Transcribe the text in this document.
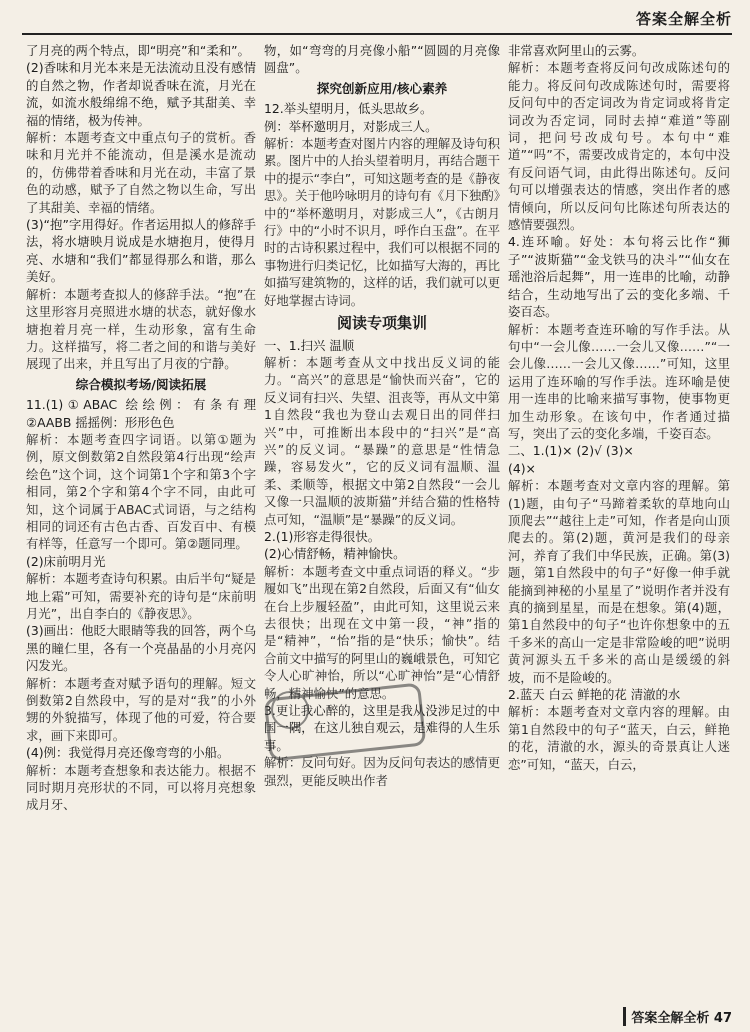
答案全解全析

了月亮的两个特点，即“明亮”和“柔和”。

(2)香味和月光本来是无法流动且没有感情的自然之物，作者却说香味在流，月光在流，如流水般绵绵不绝，赋予其甜美、幸福的情绪，极为传神。

解析：本题考查文中重点句子的赏析。香味和月光并不能流动，但是溪水是流动的，仿佛带着香味和月光在动，丰富了景色的动感，赋予了自然之物以生命，写出了其甜美、幸福的情绪。

(3)“抱”字用得好。作者运用拟人的修辞手法，将水塘映月说成是水塘抱月，使得月亮、水塘和“我们”都显得那么和谐，那么美好。

解析：本题考查拟人的修辞手法。“抱”在这里形容月亮照进水塘的状态，就好像水塘抱着月亮一样，生动形象，富有生命力。这样描写，将二者之间的和谐与美好展现了出来，并且写出了月夜的宁静。

综合模拟考场/阅读拓展

11.(1)①ABAC 绘绘例：有条有理 ②AABB 摇摇例：形形色色

解析：本题考查四字词语。以第①题为例，原文倒数第2自然段第4行出现“绘声绘色”这个词，这个词第1个字和第3个字相同，第2个字和第4个字不同，由此可知，这个词属于ABAC式词语，与之结构相同的词还有古色古香、百发百中、有模有样等，任意写一个即可。第②题同理。

(2)床前明月光

解析：本题考查诗句积累。由后半句“疑是地上霜”可知，需要补充的诗句是“床前明月光”，出自李白的《静夜思》。

(3)画出：他眨大眼睛等我的回答，两个乌黑的瞳仁里，各有一个亮晶晶的小月亮闪闪发光。

解析：本题考查对赋予语句的理解。短文倒数第2自然段中，写的是对“我”的小外甥的外貌描写，体现了他的可爱，符合要求，画下来即可。

(4)例：我觉得月亮还像弯弯的小船。

解析：本题考查想象和表达能力。根据不同时期月亮形状的不同，可以将月亮想象成月牙、

物，如“弯弯的月亮像小船”“圆圆的月亮像圆盘”。

探究创新应用/核心素养

12.举头望明月，低头思故乡。

例：举杯邀明月，对影成三人。

解析：本题考查对图片内容的理解及诗句积累。图片中的人抬头望着明月，再结合题干中的提示“李白”，可知这题考查的是《静夜思》。关于他吟咏明月的诗句有《月下独酌》中的“举杯邀明月，对影成三人”，《古朗月行》中的“小时不识月，呼作白玉盘”。在平时的古诗积累过程中，我们可以根据不同的事物进行归类记忆，比如描写大海的，再比如描写建筑物的，这样的话，我们就可以更好地掌握古诗词。

阅读专项集训

一、1.扫兴 温顺

解析：本题考查从文中找出反义词的能力。“高兴”的意思是“愉快而兴奋”，它的反义词有扫兴、失望、沮丧等，再从文中第1自然段“我也为登山去观日出的同伴扫兴”中，可推断出本段中的“扫兴”是“高兴”的反义词。“暴躁”的意思是“性情急躁，容易发火”，它的反义词有温顺、温柔、柔顺等，根据文中第2自然段“一会儿又像一只温顺的波斯猫”并结合猫的性格特点可知，“温顺”是“暴躁”的反义词。

2.(1)形容走得很快。

(2)心情舒畅，精神愉快。

解析：本题考查文中重点词语的释义。“步履如飞”出现在第2自然段，后面又有“仙女在台上步履轻盈”，由此可知，这里说云来去很快；出现在文中第一段，“神”指的是“精神”，“怡”指的是“快乐；愉快”。结合前文中描写的阿里山的巍峨景色，可知它令人心旷神怡，所以“心旷神怡”是“心情舒畅，精神愉快”的意思。

3.更让我心醉的，这里是我从没涉足过的中国一隅，在这儿独自观云，是难得的人生乐事。

解析：反问句好。因为反问句表达的感情更强烈，更能反映出作者

非常喜欢阿里山的云雾。

解析：本题考查将反问句改成陈述句的能力。将反问句改成陈述句时，需要将反问句中的否定词改为肯定词或将肯定词改为否定词，同时去掉“难道”等副词，把问号改成句号。本句中“难道”“吗”不，需要改成肯定的，本句中没有反问语气词，由此得出陈述句。反问句可以增强表达的情感，突出作者的感情倾向，所以反问句比陈述句所表达的感情要强烈。

4.连环喻。好处：本句将云比作“狮子”“波斯猫”“金戈铁马的决斗”“仙女在瑶池浴后起舞”，用一连串的比喻，动静结合，生动地写出了云的变化多端、千姿百态。

解析：本题考查连环喻的写作手法。从句中“一会儿像……一会儿又像……”“一会儿像……一会儿又像……”可知，这里运用了连环喻的写作手法。连环喻是使用一连串的比喻来描写事物，使事物更加生动形象。在该句中，作者通过描写，突出了云的变化多端，千姿百态。

二、1.(1)× (2)√ (3)×

(4)×

解析：本题考查对文章内容的理解。第(1)题，由句子“马蹄着柔软的草地向山顶爬去”“越往上走”可知，作者是向山顶爬去的。第(2)题，黄河是我们的母亲河，养育了我们中华民族，正确。第(3)题，第1自然段中的句子“好像一伸手就能摘到神秘的小星星了”说明作者并没有真的摘到星星，而是在想象。第(4)题，第1自然段中的句子“也许你想象中的五千多米的高山一定是非常险峻的吧”说明黄河源头五千多米的高山是缓缓的斜坡，而不是险峻的。

2.蓝天 白云 鲜艳的花 清澈的水

解析：本题考查对文章内容的理解。由第1自然段中的句子“蓝天，白云，鲜艳的花，清澈的水，源头的奇景真让人迷恋”可知，“蓝天，白云，

答案全解全析 47
